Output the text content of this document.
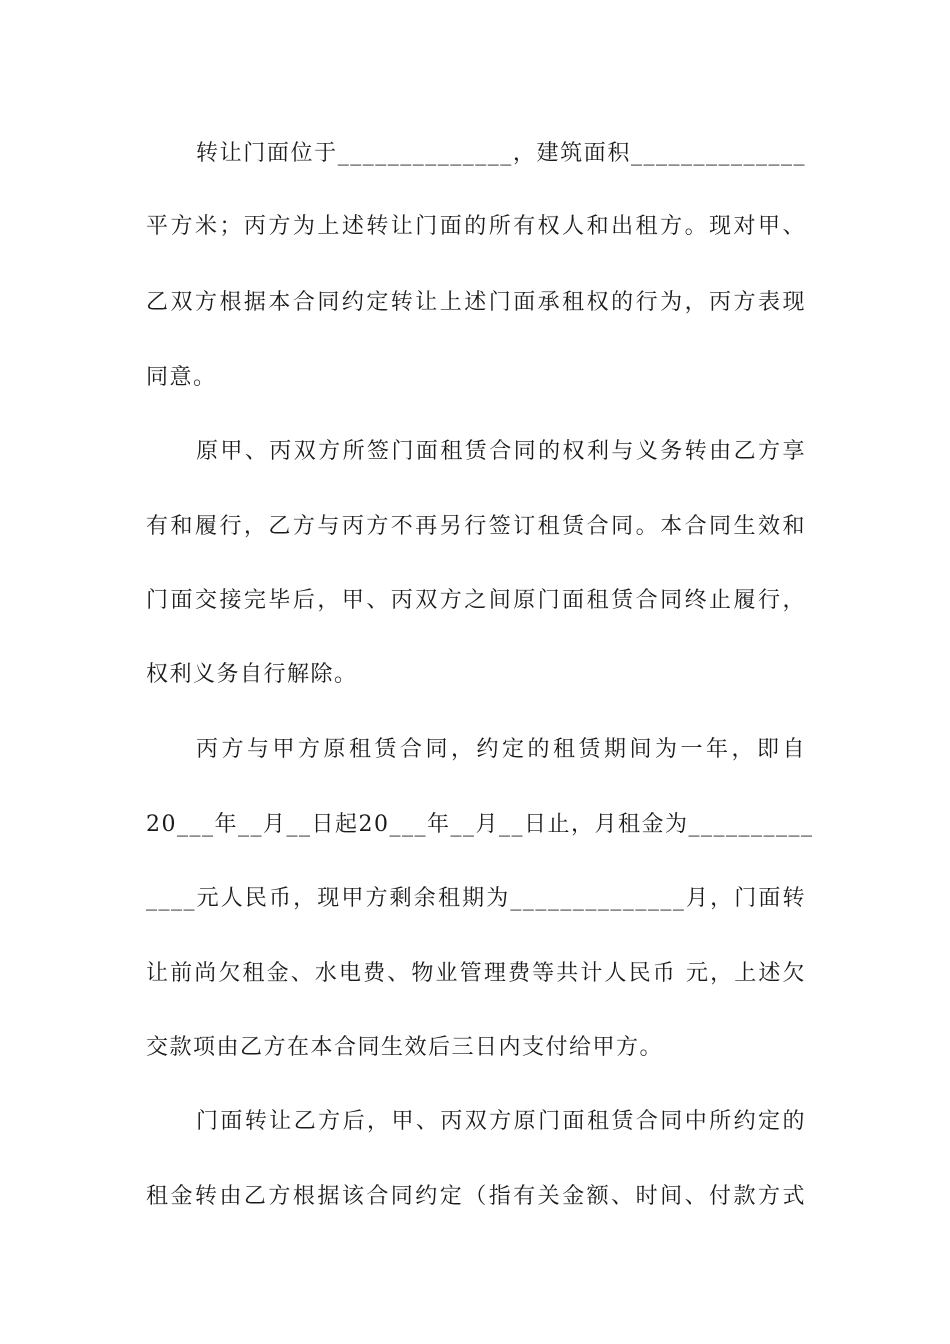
转让门面位于______________，建筑面积______________
平方米；丙方为上述转让门面的所有权人和出租方。现对甲、
乙双方根据本合同约定转让上述门面承租权的行为，丙方表现
同意。
原甲、丙双方所签门面租赁合同的权利与义务转由乙方享
有和履行，乙方与丙方不再另行签订租赁合同。本合同生效和
门面交接完毕后，甲、丙双方之间原门面租赁合同终止履行，
权利义务自行解除。
丙方与甲方原租赁合同，约定的租赁期间为一年，即自
20___年__月__日起20___年__月__日止，月租金为__________
____元人民币，现甲方剩余租期为______________月，门面转
让前尚欠租金、水电费、物业管理费等共计人民币 元，上述欠
交款项由乙方在本合同生效后三日内支付给甲方。
门面转让乙方后，甲、丙双方原门面租赁合同中所约定的
租金转由乙方根据该合同约定（指有关金额、时间、付款方式
